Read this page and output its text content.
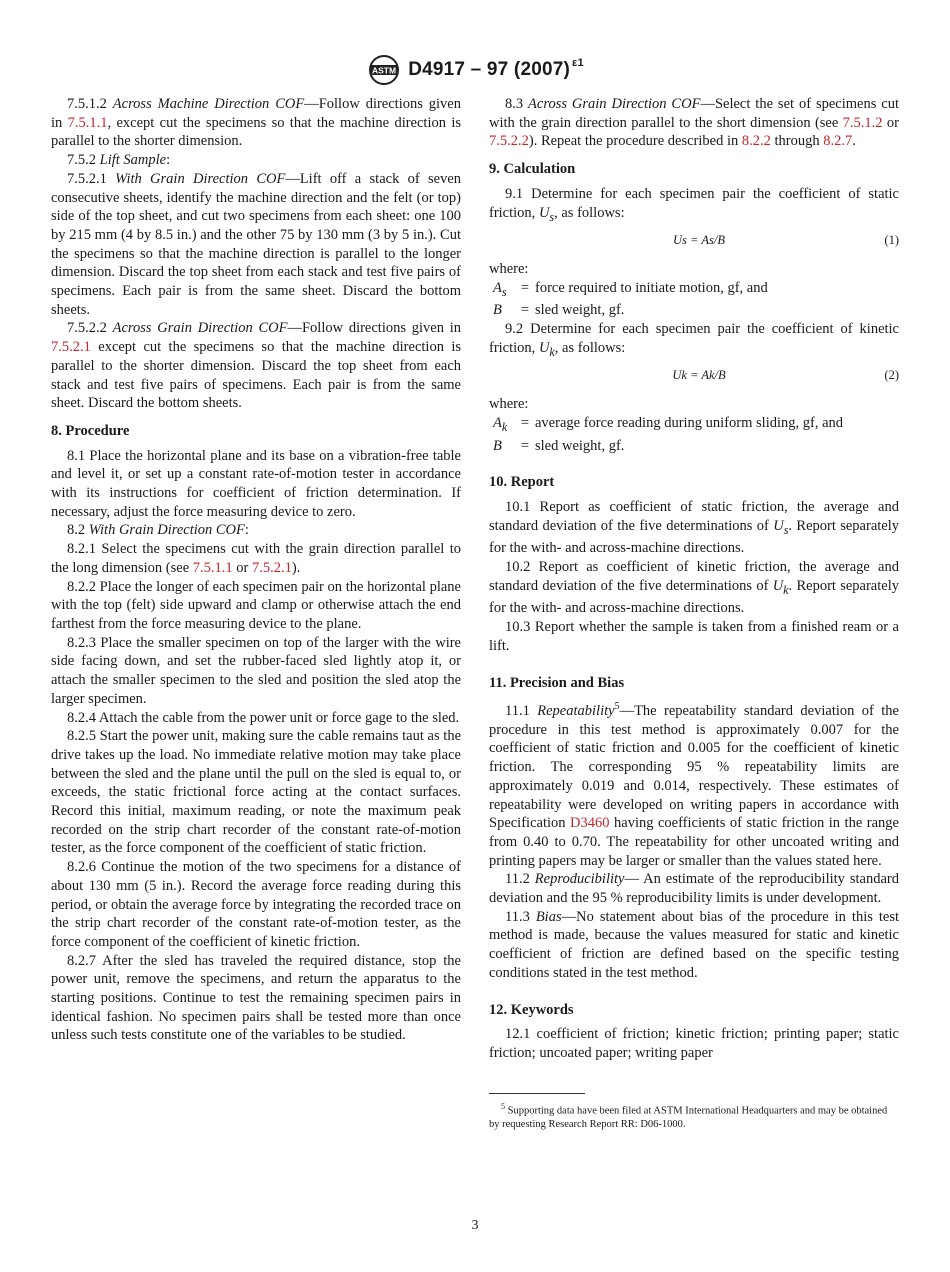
ASTM D4917 – 97 (2007) $^{\varepsilon 1}$

7.5.1.2 Across Machine Direction COF—Follow directions given in 7.5.1.1, except cut the specimens so that the machine direction is parallel to the shorter dimension.

7.5.2 Lift Sample:

7.5.2.1 With Grain Direction COF—Lift off a stack of seven consecutive sheets, identify the machine direction and the felt (or top) side of the top sheet, and cut two specimens from each sheet: one 100 by 215 mm (4 by 8.5 in.) and the other 75 by 130 mm (3 by 5 in.). Cut the specimens so that the machine direction is parallel to the longer dimension. Discard the top sheet from each stack and test five pairs of specimens. Each pair is from the same sheet. Discard the bottom sheets.

7.5.2.2 Across Grain Direction COF—Follow directions given in 7.5.2.1 except cut the specimens so that the machine direction is parallel to the shorter dimension. Discard the top sheet from each stack and test five pairs of specimens. Each pair is from the same sheet. Discard the bottom sheets.

8. Procedure

8.1 Place the horizontal plane and its base on a vibration-free table and level it, or set up a constant rate-of-motion tester in accordance with its instructions for coefficient of friction determination. If necessary, adjust the force measuring device to zero.

8.2 With Grain Direction COF:

8.2.1 Select the specimens cut with the grain direction parallel to the long dimension (see 7.5.1.1 or 7.5.2.1).

8.2.2 Place the longer of each specimen pair on the horizontal plane with the top (felt) side upward and clamp or otherwise attach the end farthest from the force measuring device to the plane.

8.2.3 Place the smaller specimen on top of the larger with the wire side facing down, and set the rubber-faced sled lightly atop it, or attach the smaller specimen to the sled and position the sled atop the larger specimen.

8.2.4 Attach the cable from the power unit or force gage to the sled.

8.2.5 Start the power unit, making sure the cable remains taut as the drive takes up the load. No immediate relative motion may take place between the sled and the plane until the pull on the sled is equal to, or exceeds, the static frictional force acting at the contact surfaces. Record this initial, maximum reading, or note the maximum peak recorded on the strip chart recorder of the constant rate-of-motion tester, as the force component of the coefficient of static friction.

8.2.6 Continue the motion of the two specimens for a distance of about 130 mm (5 in.). Record the average force reading during this period, or obtain the average force by integrating the recorded trace on the strip chart recorder of the constant rate-of-motion tester, as the force component of the coefficient of kinetic friction.

8.2.7 After the sled has traveled the required distance, stop the power unit, remove the specimens, and return the apparatus to the starting positions. Continue to test the remaining specimen pairs in identical fashion. No specimen pairs shall be tested more than once unless such tests constitute one of the variables to be studied.

8.3 Across Grain Direction COF—Select the set of specimens cut with the grain direction parallel to the short dimension (see 7.5.1.2 or 7.5.2.2). Repeat the procedure described in 8.2.2 through 8.2.7.

9. Calculation

9.1 Determine for each specimen pair the coefficient of static friction, $U_s$, as follows:

Us = As/B	(1)
where:
$A_s$ = force required to initiate motion, gf, and
B	= sled weight, gf.

9.2 Determine for each specimen pair the coefficient of kinetic friction, $U_k$, as follows:

Uk = Ak/B	(2)
where:
$A_k$ = average force reading during uniform sliding, gf, and
B	= sled weight, gf.
10. Report

10.1 Report as coefficient of static friction, the average and standard deviation of the five determinations of $U_s$. Report separately for the with- and across-machine directions.

10.2 Report as coefficient of kinetic friction, the average and standard deviation of the five determinations of $U_k$. Report separately for the with- and across-machine directions.

10.3 Report whether the sample is taken from a finished ream or a lift.

11. Precision and Bias

11.1 Repeatability$^5$—The repeatability standard deviation of the procedure in this test method is approximately 0.007 for the coefficient of static friction and 0.005 for the coefficient of kinetic friction. The corresponding 95 % repeatability limits are approximately 0.019 and 0.014, respectively. These estimates of repeatability were developed on writing papers in accordance with Specification D3460 having coefficients of static friction in the range from 0.40 to 0.70. The repeatability for other uncoated writing and printing papers may be larger or smaller than the values stated here.

11.2 Reproducibility— An estimate of the reproducibility standard deviation and the 95 % reproducibility limits is under development.

11.3 Bias—No statement about bias of the procedure in this test method is made, because the values measured for static and kinetic coefficient of friction are defined based on the specific testing conditions stated in the test method.

12. Keywords

12.1 coefficient of friction; kinetic friction; printing paper; static friction; uncoated paper; writing paper

$^5$ Supporting data have been filed at ASTM International Headquarters and may be obtained by requesting Research Report RR: D06-1000.

3
